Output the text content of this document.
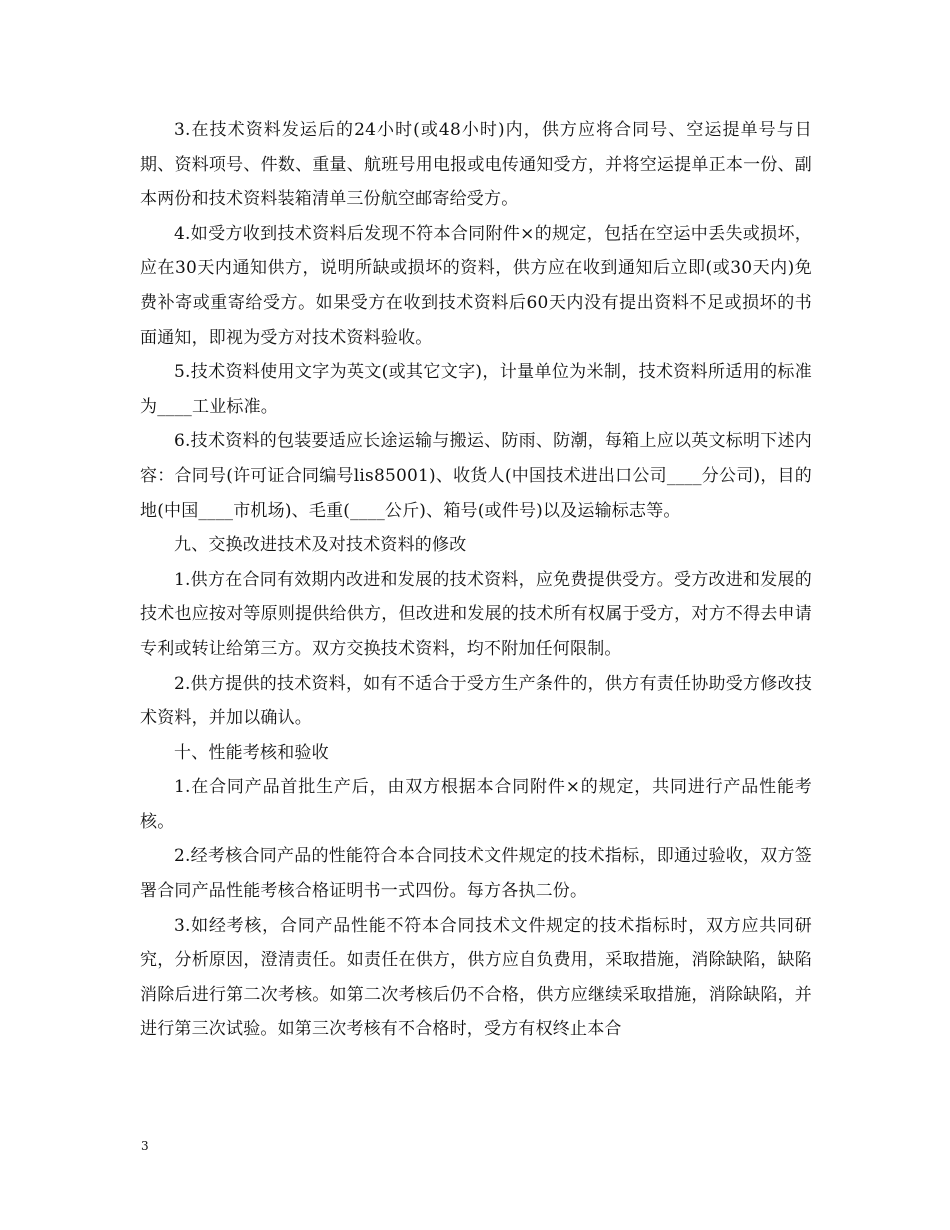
3.在技术资料发运后的24小时(或48小时)内，供方应将合同号、空运提单号与日期、资料项号、件数、重量、航班号用电报或电传通知受方，并将空运提单正本一份、副本两份和技术资料装箱清单三份航空邮寄给受方。

4.如受方收到技术资料后发现不符本合同附件×的规定，包括在空运中丢失或损坏，应在30天内通知供方，说明所缺或损坏的资料，供方应在收到通知后立即(或30天内)免费补寄或重寄给受方。如果受方在收到技术资料后60天内没有提出资料不足或损坏的书面通知，即视为受方对技术资料验收。

5.技术资料使用文字为英文(或其它文字)，计量单位为米制，技术资料所适用的标准为____工业标准。

6.技术资料的包装要适应长途运输与搬运、防雨、防潮，每箱上应以英文标明下述内容：合同号(许可证合同编号lis85001)、收货人(中国技术进出口公司____分公司)，目的地(中国____市机场)、毛重(____公斤)、箱号(或件号)以及运输标志等。

九、交换改进技术及对技术资料的修改

1.供方在合同有效期内改进和发展的技术资料，应免费提供受方。受方改进和发展的技术也应按对等原则提供给供方，但改进和发展的技术所有权属于受方，对方不得去申请专利或转让给第三方。双方交换技术资料，均不附加任何限制。

2.供方提供的技术资料，如有不适合于受方生产条件的，供方有责任协助受方修改技术资料，并加以确认。

十、性能考核和验收

1.在合同产品首批生产后，由双方根据本合同附件×的规定，共同进行产品性能考核。

2.经考核合同产品的性能符合本合同技术文件规定的技术指标，即通过验收，双方签署合同产品性能考核合格证明书一式四份。每方各执二份。

3.如经考核，合同产品性能不符本合同技术文件规定的技术指标时，双方应共同研究，分析原因，澄清责任。如责任在供方，供方应自负费用，采取措施，消除缺陷，缺陷消除后进行第二次考核。如第二次考核后仍不合格，供方应继续采取措施，消除缺陷，并进行第三次试验。如第三次考核有不合格时，受方有权终止本合

3
